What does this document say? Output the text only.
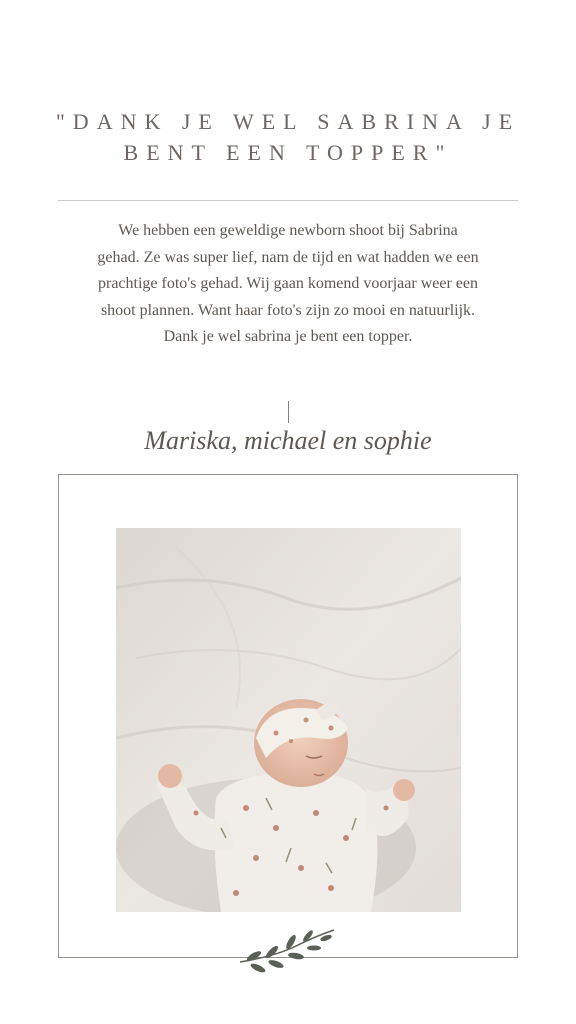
"DANK JE WEL SABRINA JE BENT EEN TOPPER"
We hebben een geweldige newborn shoot bij Sabrina gehad. Ze was super lief, nam de tijd en wat hadden we een prachtige foto's gehad. Wij gaan komend voorjaar weer een shoot plannen. Want haar foto's zijn zo mooi en natuurlijk. Dank je wel sabrina je bent een topper.
Mariska, michael en sophie
